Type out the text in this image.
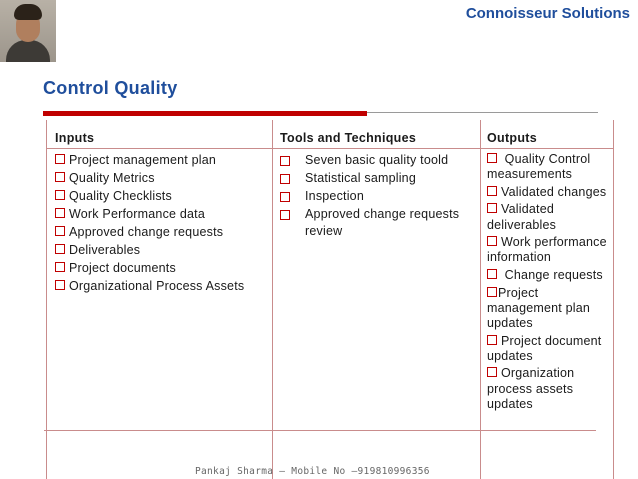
Connoisseur Solutions
Control Quality
Inputs	Tools and Techniques	Outputs
Project management plan
Quality Metrics
Quality Checklists
Work Performance data
Approved change requests
Deliverables
Project documents
Organizational Process Assets
Seven basic quality toold
Statistical sampling
Inspection
Approved change requests review
Quality Control measurements
Validated changes
Validated deliverables
Work performance information
Change requests
Project management plan updates
Project document updates
Organization process assets updates
Pankaj Sharma – Mobile No –919810996356
